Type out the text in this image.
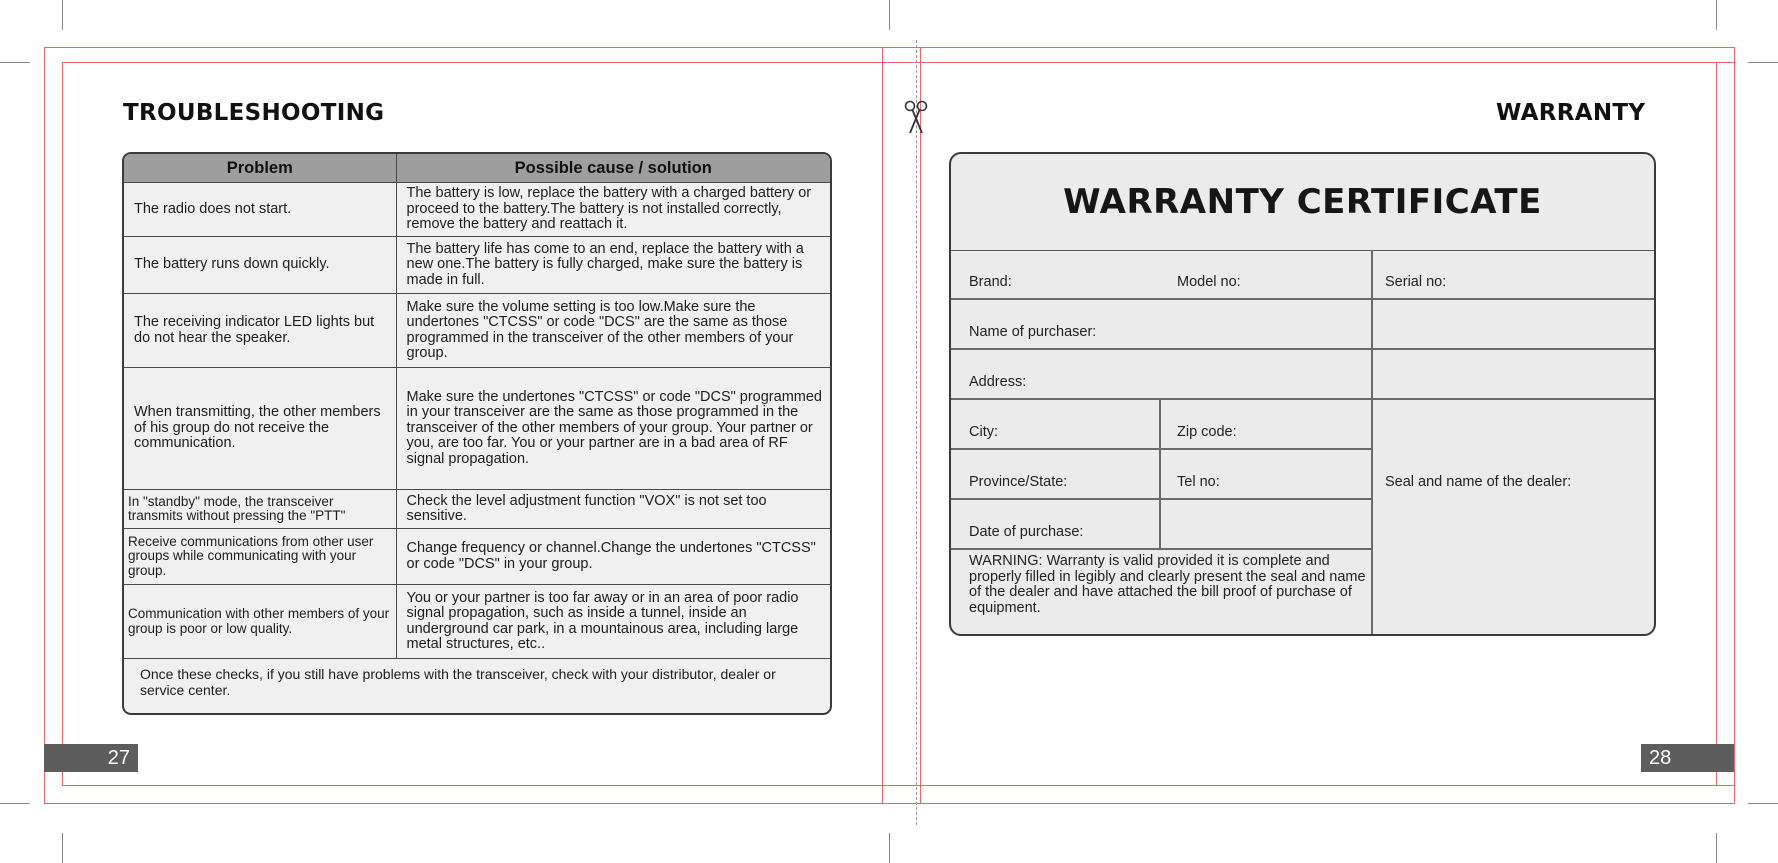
TROUBLESHOOTING
Problem	Possible cause / solution
The radio does not start.	The battery is low, replace the battery with a charged battery or proceed to the battery.The battery is not installed correctly, remove the battery and reattach it.
The battery runs down quickly.	The battery life has come to an end, replace the battery with a new one.The battery is fully charged, make sure the battery is made in full.
The receiving indicator LED lights but do not hear the speaker.	Make sure the volume setting is too low.Make sure the undertones "CTCSS" or code "DCS" are the same as those programmed in the transceiver of the other members of your group.
When transmitting, the other members of his group do not receive the communication.	Make sure the undertones "CTCSS" or code "DCS" programmed in your transceiver are the same as those programmed in the transceiver of the other members of your group. Your partner or you, are too far. You or your partner are in a bad area of RF signal propagation.
In "standby" mode, the transceiver transmits without pressing the "PTT"	Check the level adjustment function "VOX" is not set too sensitive.
Receive communications from other user groups while communicating with your group.	Change frequency or channel.Change the undertones "CTCSS" or code "DCS" in your group.
Communication with other members of your group is poor or low quality.	You or your partner is too far away or in an area of poor radio signal propagation, such as inside a tunnel, inside an underground car park, in a mountainous area, including large metal structures, etc..
Once these checks, if you still have problems with the transceiver, check with your distributor, dealer or service center.
27
WARRANTY
WARRANTY CERTIFICATE
Brand:	Model no:	Serial no:
Name of purchaser:
Address:
City:	Zip code:
Province/State:	Tel no:	Seal and name of the dealer:
Date of purchase:
WARNING: Warranty is valid provided it is complete and properly filled in legibly and clearly present the seal and name of the dealer and have attached the bill proof of purchase of equipment.
28
